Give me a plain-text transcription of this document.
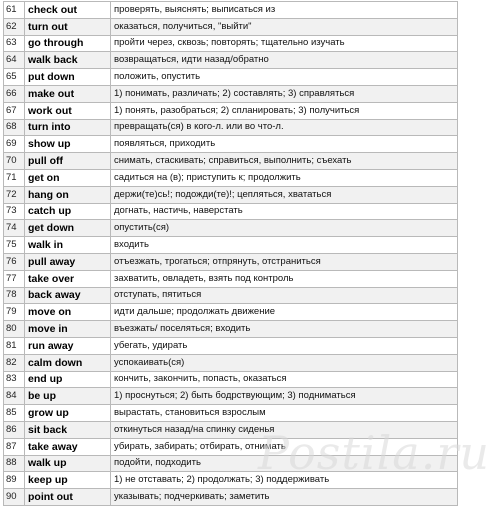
61	check out	проверять, выяснять; выписаться из
62	turn out	оказаться, получиться, "выйти"
63	go through	пройти через, сквозь; повторять; тщательно изучать
64	walk back	возвращаться, идти назад/обратно
65	put down	положить, опустить
66	make out	1) понимать, различать; 2) составлять; 3) справляться
67	work out	1) понять, разобраться; 2) спланировать; 3) получиться
68	turn into	превращать(ся) в кого-л. или во что-л.
69	show up	появляться, приходить
70	pull off	снимать, стаскивать; справиться, выполнить; съехать
71	get on	садиться на (в); приступить к; продолжить
72	hang on	держи(те)сь!; подожди(те)!; цепляться, хвататься
73	catch up	догнать, настичь, наверстать
74	get down	опустить(ся)
75	walk in	входить
76	pull away	отъезжать, трогаться; отпрянуть, отстраниться
77	take over	захватить, овладеть, взять под контроль
78	back away	отступать, пятиться
79	move on	идти дальше; продолжать движение
80	move in	въезжать/ поселяться; входить
81	run away	убегать, удирать
82	calm down	успокаивать(ся)
83	end up	кончить, закончить, попасть, оказаться
84	be up	1) проснуться; 2) быть бодрствующим; 3) подниматься
85	grow up	вырастать, становиться взрослым
86	sit back	откинуться назад/на спинку сиденья
87	take away	убирать, забирать; отбирать, отнимать
88	walk up	подойти, подходить
89	keep up	1) не отставать; 2) продолжать; 3) поддерживать
90	point out	указывать; подчеркивать; заметить
Postila.ru
